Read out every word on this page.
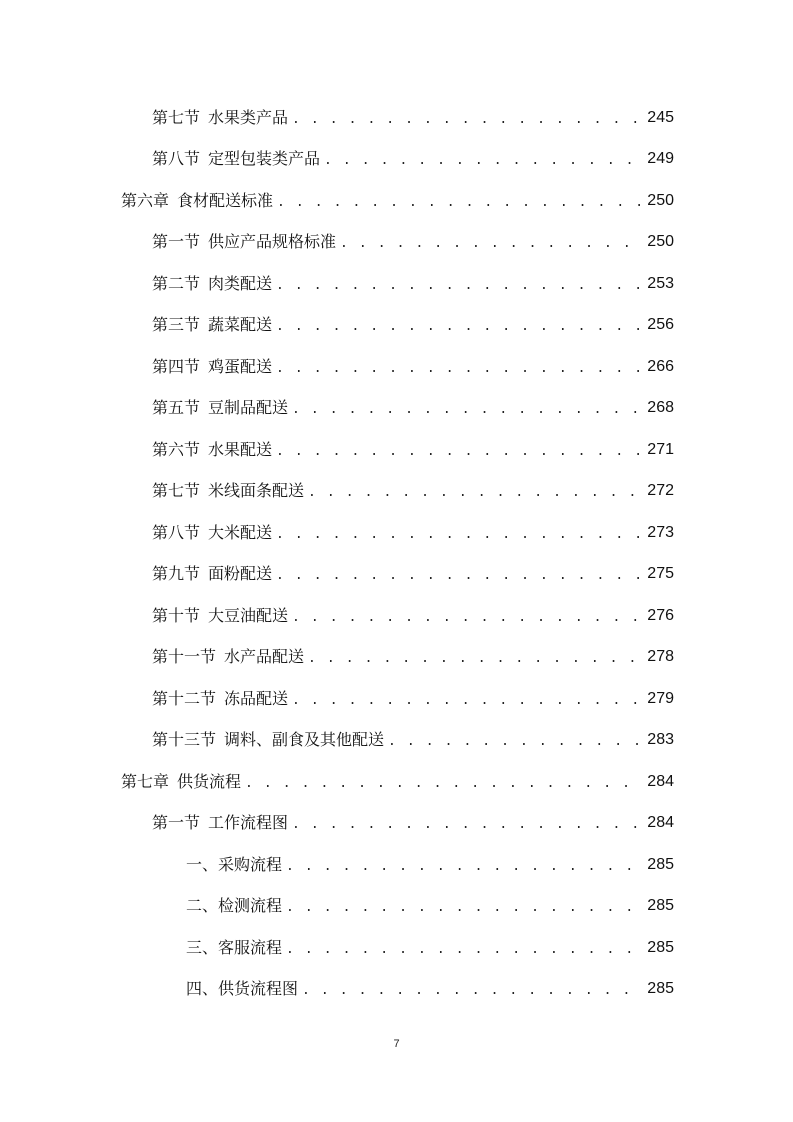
第七节 水果类产品 . . .	245
第八节 定型包装类产品 . . .	249
第六章 食材配送标准 . . .	250
第一节 供应产品规格标准 . . .	250
第二节 肉类配送 . . .	253
第三节 蔬菜配送 . . .	256
第四节 鸡蛋配送 . . .	266
第五节 豆制品配送 . . .	268
第六节 水果配送 . . .	271
第七节 米线面条配送 . . .	272
第八节 大米配送 . . .	273
第九节 面粉配送 . . .	275
第十节 大豆油配送 . . .	276
第十一节 水产品配送 . . .	278
第十二节 冻品配送 . . .	279
第十三节 调料、副食及其他配送 . . .	283
第七章 供货流程 . . .	284
第一节 工作流程图 . . .	284
一、采购流程 . . .	285
二、检测流程 . . .	285
三、客服流程 . . .	285
四、供货流程图 . . .	285
7
